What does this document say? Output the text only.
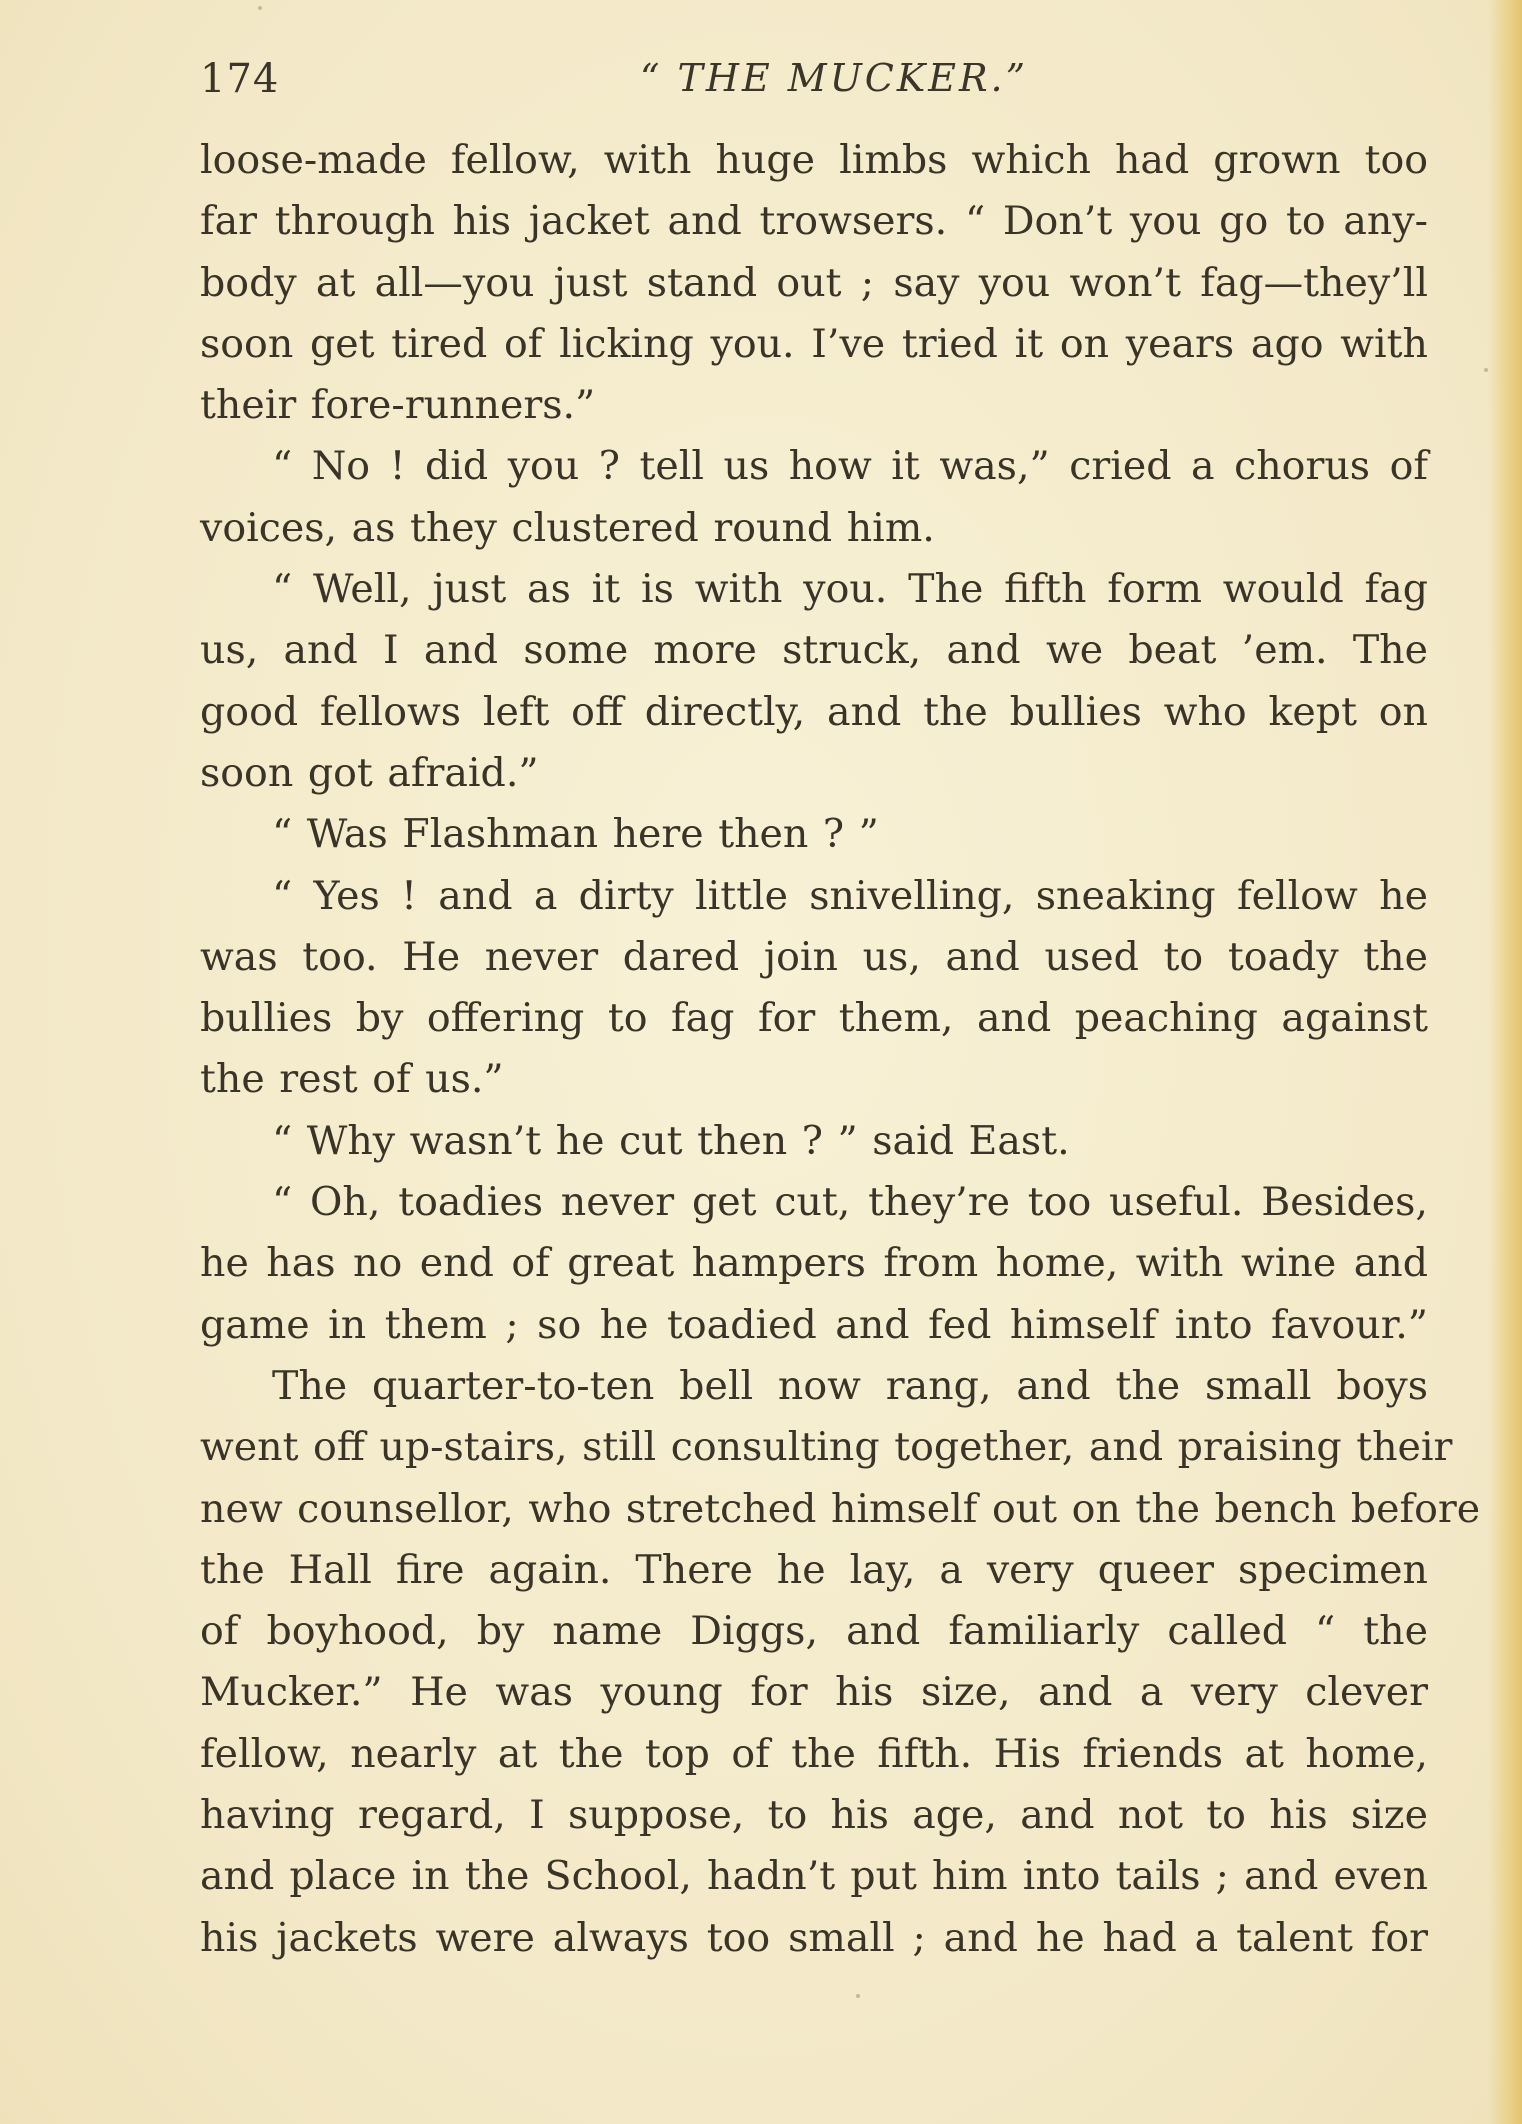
174	“ THE MUCKER.”
loose-made fellow, with huge limbs which had grown too
far through his jacket and trowsers. “ Don’t you go to any-
body at all—you just stand out ; say you won’t fag—they’ll
soon get tired of licking you. I’ve tried it on years ago with
their fore-runners.”
“ No ! did you ? tell us how it was,” cried a chorus of
voices, as they clustered round him.
“ Well, just as it is with you. The fifth form would fag
us, and I and some more struck, and we beat ’em. The
good fellows left off directly, and the bullies who kept on
soon got afraid.”
“ Was Flashman here then ? ”
“ Yes ! and a dirty little snivelling, sneaking fellow he
was too. He never dared join us, and used to toady the
bullies by offering to fag for them, and peaching against
the rest of us.”
“ Why wasn’t he cut then ? ” said East.
“ Oh, toadies never get cut, they’re too useful. Besides,
he has no end of great hampers from home, with wine and
game in them ; so he toadied and fed himself into favour.”
The quarter-to-ten bell now rang, and the small boys
went off up-stairs, still consulting together, and praising their
new counsellor, who stretched himself out on the bench before
the Hall fire again. There he lay, a very queer specimen
of boyhood, by name Diggs, and familiarly called “ the
Mucker.” He was young for his size, and a very clever
fellow, nearly at the top of the fifth. His friends at home,
having regard, I suppose, to his age, and not to his size
and place in the School, hadn’t put him into tails ; and even
his jackets were always too small ; and he had a talent for
